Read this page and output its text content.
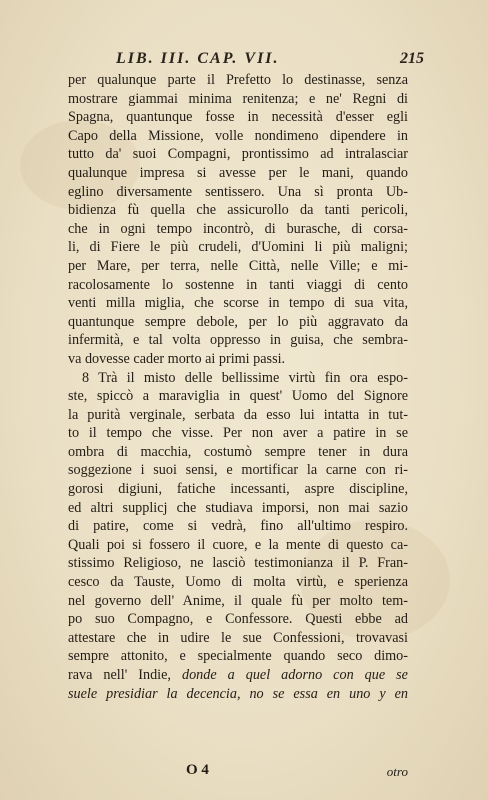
LIB. III. CAP. VII.	215
per qualunque parte il Prefetto lo destinasse, senza
mostrare giammai minima renitenza; e ne' Regni di
Spagna, quantunque fosse in necessità d'esser egli
Capo della Missione, volle nondimeno dipendere in
tutto da' suoi Compagni, prontissimo ad intralasciar
qualunque impresa si avesse per le mani, quando
eglino diversamente sentissero. Una sì pronta Ub-
bidienza fù quella che assicurollo da tanti pericoli,
che in ogni tempo incontrò, di burasche, di corsa-
li, di Fiere le più crudeli, d'Uomini li più maligni;
per Mare, per terra, nelle Città, nelle Ville; e mi-
racolosamente lo sostenne in tanti viaggi di cento
venti milla miglia, che scorse in tempo di sua vita,
quantunque sempre debole, per lo più aggravato da
infermità, e tal volta oppresso in guisa, che sembra-
va dovesse cader morto ai primi passi.
8 Trà il misto delle bellissime virtù fin ora espo-
ste, spiccò a maraviglia in quest' Uomo del Signore
la purità verginale, serbata da esso lui intatta in tut-
to il tempo che visse. Per non aver a patire in se
ombra di macchia, costumò sempre tener in dura
soggezione i suoi sensi, e mortificar la carne con ri-
gorosi digiuni, fatiche incessanti, aspre discipline,
ed altri supplicj che studiava imporsi, non mai sazio
di patire, come si vedrà, fino all'ultimo respiro.
Quali poi si fossero il cuore, e la mente di questo ca-
stissimo Religioso, ne lasciò testimonianza il P. Fran-
cesco da Tauste, Uomo di molta virtù, e sperienza
nel governo dell' Anime, il quale fù per molto tem-
po suo Compagno, e Confessore. Questi ebbe ad
attestare che in udire le sue Confessioni, trovavasi
sempre attonito, e specialmente quando seco dimo-
rava nell' Indie, donde a quel adorno con que se
suele presidiar la decencia, no se essa en uno y en
O 4	otro
